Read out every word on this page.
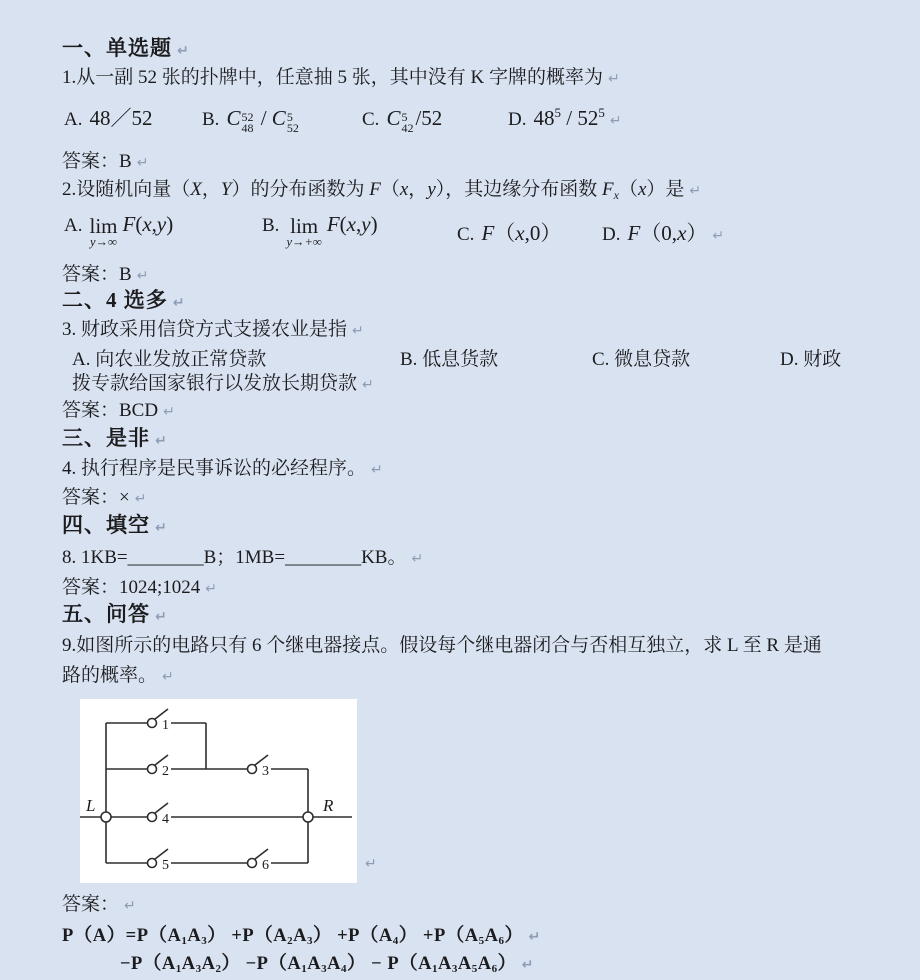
一、单选题 ↵
1.从一副 52 张的扑牌中，任意抽 5 张，其中没有 K 字牌的概率为 ↵
A. 48／52	B. C 52
48 / C 5
52	C. C 5
42 /52	D. $48^5$ / $52^5↵$
答案：B ↵
2.设随机向量（X，Y）的分布函数为 F（x，y），其边缘分布函数 $F_x(x)$是 ↵
A. lim
y→∞
F(x,y)	B. lim
y→+∞
F(x,y)	C. F（x,0） D. F（0,x） ↵
答案：B ↵
二、4 选多 ↵
3. 财政采用信贷方式支援农业是指 ↵
A. 向农业发放正常贷款	B. 低息货款	C. 微息贷款	D. 财政
拨专款给国家银行以发放长期贷款 ↵
答案：BCD ↵
三、是非 ↵
4. 执行程序是民事诉讼的必经程序。 ↵
答案：× ↵
四、填空 ↵
8. 1KB=________B；1MB=________KB。 ↵
答案：1024;1024 ↵
五、问答 ↵
9.如图所示的电路只有 6 个继电器接点。假设每个继电器闭合与否相互独立，求 L 至 R 是通
路的概率。 ↵
1
2	3
4
5	6
L	R
↵
答案： ↵
$P(A)=P(A_1A_3) +P(A_2A_3) +P(A_4) +P(A_5A_6)$ ↵
$-P(A_1A_3A_2) -P(A_1A_3A_4) - P(A_1A_3A_5A_6)$ ↵
